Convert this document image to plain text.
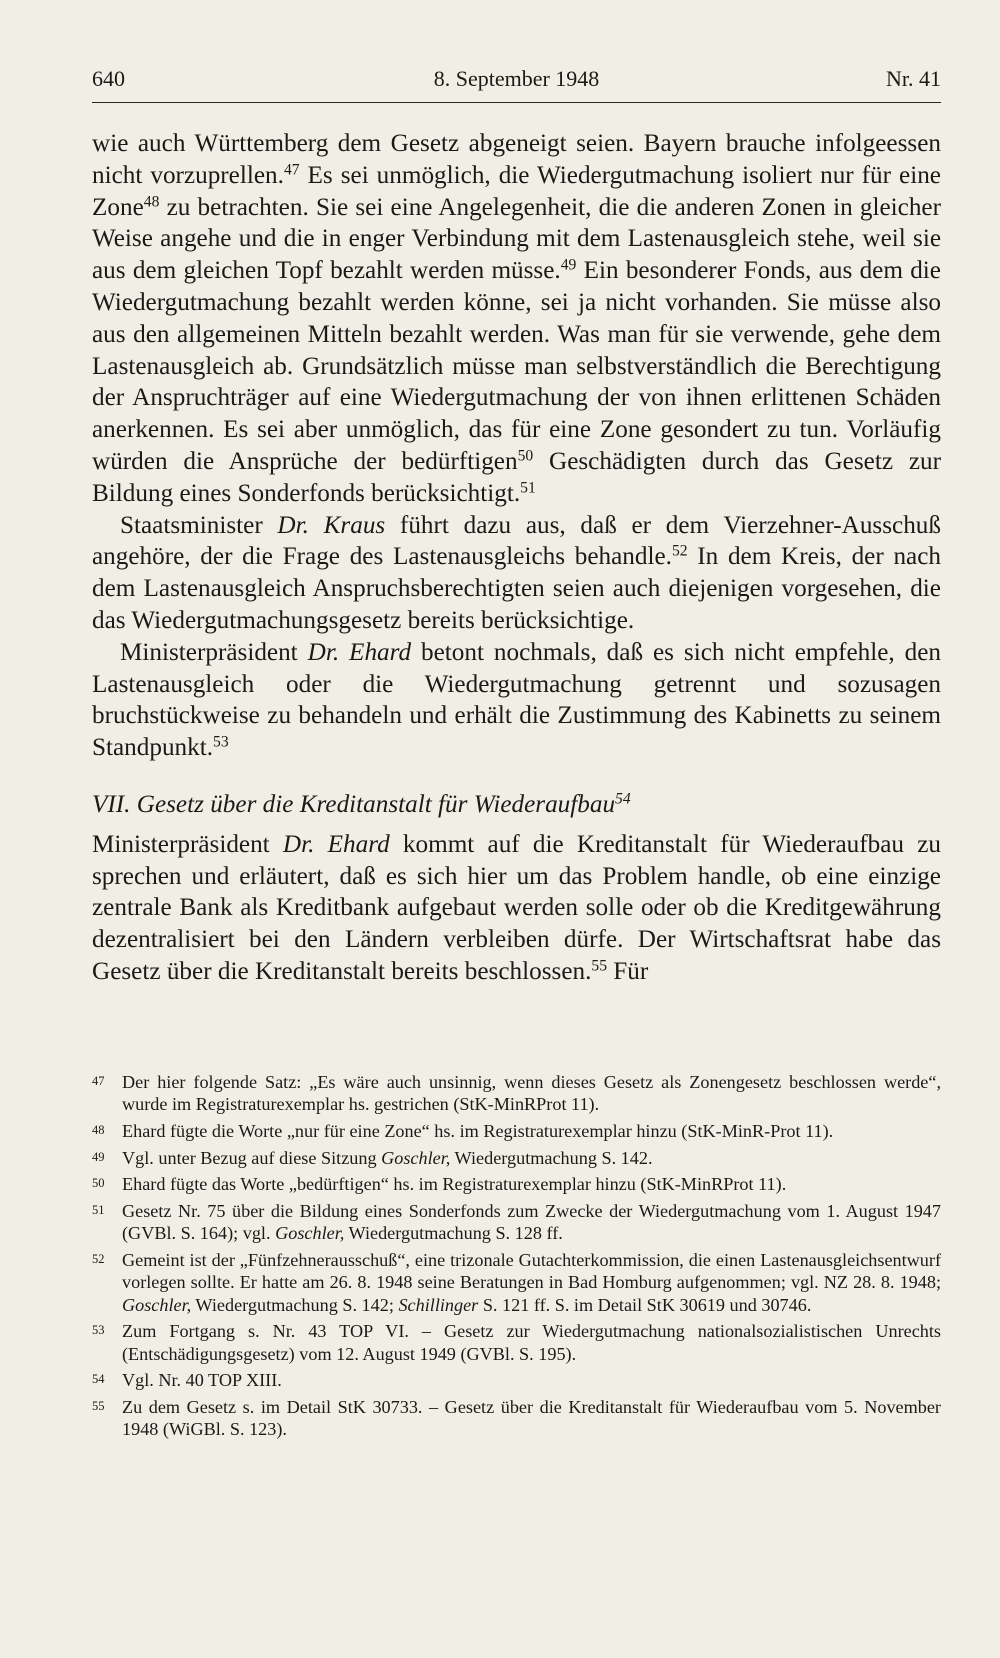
640	8. September 1948	Nr. 41

wie auch Württemberg dem Gesetz abgeneigt seien. Bayern brauche infolgeessen nicht vorzuprellen.$^{47}$ Es sei unmöglich, die Wiedergutmachung isoliert nur für eine Zone$^{48}$ zu betrachten. Sie sei eine Angelegenheit, die die anderen Zonen in gleicher Weise angehe und die in enger Verbindung mit dem Lastenausgleich stehe, weil sie aus dem gleichen Topf bezahlt werden müsse.$^{49}$ Ein besonderer Fonds, aus dem die Wiedergutmachung bezahlt werden könne, sei ja nicht vorhanden. Sie müsse also aus den allgemeinen Mitteln bezahlt werden. Was man für sie verwende, gehe dem Lastenausgleich ab. Grundsätzlich müsse man selbstverständlich die Berechtigung der Anspruchträger auf eine Wiedergutmachung der von ihnen erlittenen Schäden anerkennen. Es sei aber unmöglich, das für eine Zone gesondert zu tun. Vorläufig würden die Ansprüche der bedürftigen$^{50}$ Geschädigten durch das Gesetz zur Bildung eines Sonderfonds berücksichtigt.$^{51}$

Staatsminister Dr. Kraus führt dazu aus, daß er dem Vierzehner-Ausschuß angehöre, der die Frage des Lastenausgleichs behandle.$^{52}$ In dem Kreis, der nach dem Lastenausgleich Anspruchsberechtigten seien auch diejenigen vorgesehen, die das Wiedergutmachungsgesetz bereits berücksichtige.

Ministerpräsident Dr. Ehard betont nochmals, daß es sich nicht empfehle, den Lastenausgleich oder die Wiedergutmachung getrennt und sozusagen bruchstückweise zu behandeln und erhält die Zustimmung des Kabinetts zu seinem Standpunkt.$^{53}$

VII. Gesetz über die Kreditanstalt für Wiederaufbau$^{54}$

Ministerpräsident Dr. Ehard kommt auf die Kreditanstalt für Wiederaufbau zu sprechen und erläutert, daß es sich hier um das Problem handle, ob eine einzige zentrale Bank als Kreditbank aufgebaut werden solle oder ob die Kreditgewährung dezentralisiert bei den Ländern verbleiben dürfe. Der Wirtschaftsrat habe das Gesetz über die Kreditanstalt bereits beschlossen.$^{55}$ Für

47 Der hier folgende Satz: „Es wäre auch unsinnig, wenn dieses Gesetz als Zonengesetz beschlossen werde“, wurde im Registraturexemplar hs. gestrichen (StK-MinRProt 11).
48 Ehard fügte die Worte „nur für eine Zone“ hs. im Registraturexemplar hinzu (StK-MinR-Prot 11).
49 Vgl. unter Bezug auf diese Sitzung Goschler, Wiedergutmachung S. 142.
50 Ehard fügte das Worte „bedürftigen“ hs. im Registraturexemplar hinzu (StK-MinRProt 11).
51 Gesetz Nr. 75 über die Bildung eines Sonderfonds zum Zwecke der Wiedergutmachung vom 1. August 1947 (GVBl. S. 164); vgl. Goschler, Wiedergutmachung S. 128 ff.
52 Gemeint ist der „Fünfzehnerausschuß“, eine trizonale Gutachterkommission, die einen Lastenausgleichsentwurf vorlegen sollte. Er hatte am 26. 8. 1948 seine Beratungen in Bad Homburg aufgenommen; vgl. NZ 28. 8. 1948; Goschler, Wiedergutmachung S. 142; Schillinger S. 121 ff. S. im Detail StK 30619 und 30746.
53 Zum Fortgang s. Nr. 43 TOP VI. – Gesetz zur Wiedergutmachung nationalsozialistischen Unrechts (Entschädigungsgesetz) vom 12. August 1949 (GVBl. S. 195).
54 Vgl. Nr. 40 TOP XIII.
55 Zu dem Gesetz s. im Detail StK 30733. – Gesetz über die Kreditanstalt für Wiederaufbau vom 5. November 1948 (WiGBl. S. 123).
